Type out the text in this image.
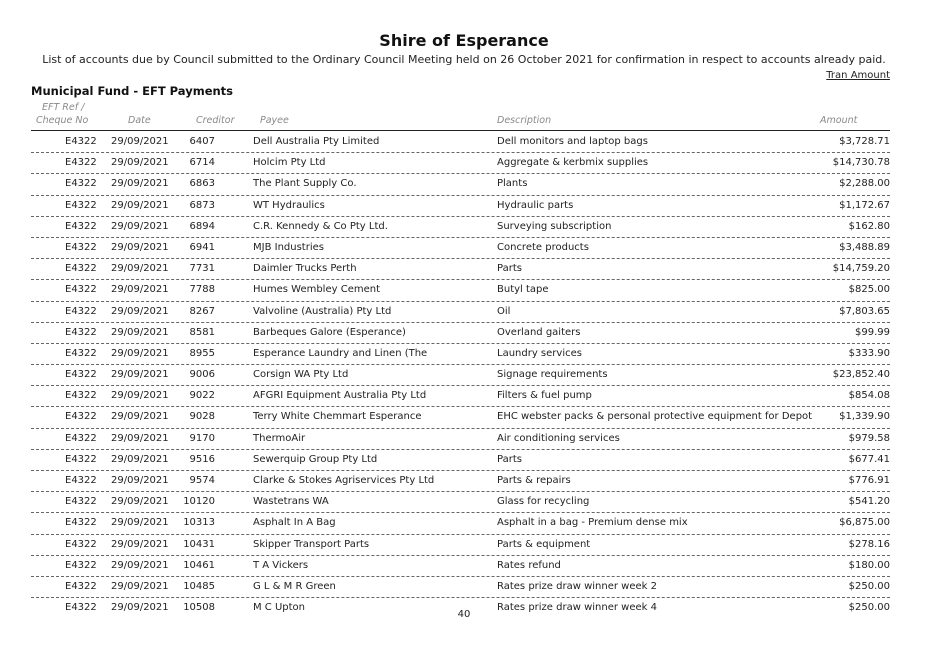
Shire of Esperance
List of accounts due by Council submitted to the Ordinary Council Meeting held on 26 October 2021 for confirmation in respect to accounts already paid.
Tran Amount
Municipal Fund - EFT Payments
EFT Ref /
Cheque No	Date	Creditor	Payee	Description	Amount
E4322 29/09/2021 6407	Dell Australia Pty Limited	Dell monitors and laptop bags	$3,728.71
E4322 29/09/2021 6714	Holcim Pty Ltd	Aggregate & kerbmix supplies	$14,730.78
E4322 29/09/2021 6863	The Plant Supply Co.	Plants	$2,288.00
E4322 29/09/2021 6873	WT Hydraulics	Hydraulic parts	$1,172.67
E4322 29/09/2021 6894	C.R. Kennedy & Co Pty Ltd.	Surveying subscription	$162.80
E4322 29/09/2021 6941	MJB Industries	Concrete products	$3,488.89
E4322 29/09/2021 7731	Daimler Trucks Perth	Parts	$14,759.20
E4322 29/09/2021 7788	Humes Wembley Cement	Butyl tape	$825.00
E4322 29/09/2021 8267	Valvoline (Australia) Pty Ltd	Oil	$7,803.65
E4322 29/09/2021 8581	Barbeques Galore (Esperance)	Overland gaiters	$99.99
E4322 29/09/2021 8955	Esperance Laundry and Linen (The	Laundry services	$333.90
E4322 29/09/2021 9006	Corsign WA Pty Ltd	Signage requirements	$23,852.40
E4322 29/09/2021 9022	AFGRI Equipment Australia Pty Ltd	Filters & fuel pump	$854.08
E4322 29/09/2021 9028	Terry White Chemmart Esperance	EHC webster packs & personal protective equipment for Depot	$1,339.90
E4322 29/09/2021 9170	ThermoAir	Air conditioning services	$979.58
E4322 29/09/2021 9516	Sewerquip Group Pty Ltd	Parts	$677.41
E4322 29/09/2021 9574	Clarke & Stokes Agriservices Pty Ltd	Parts & repairs	$776.91
E4322 29/09/2021 10120	Wastetrans WA	Glass for recycling	$541.20
E4322 29/09/2021 10313	Asphalt In A Bag	Asphalt in a bag - Premium dense mix	$6,875.00
E4322 29/09/2021 10431	Skipper Transport Parts	Parts & equipment	$278.16
E4322 29/09/2021 10461	T A Vickers	Rates refund	$180.00
E4322 29/09/2021 10485	G L & M R Green	Rates prize draw winner week 2	$250.00
E4322 29/09/2021 10508	M C Upton	Rates prize draw winner week 4	$250.00
40
